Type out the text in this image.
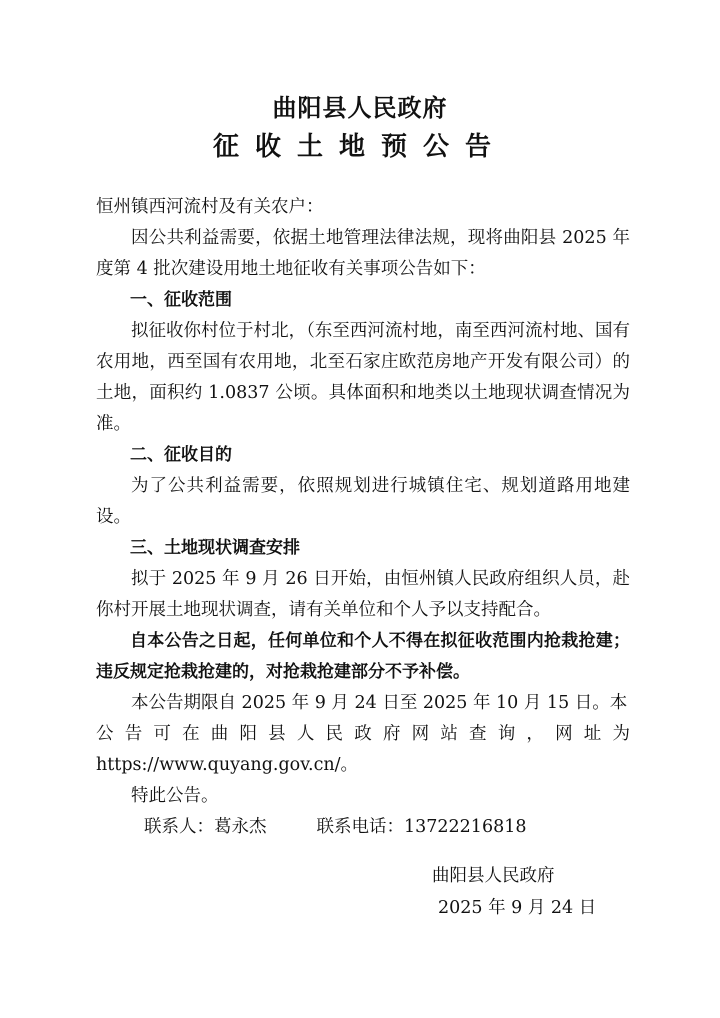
曲阳县人民政府
征收土地预公告

恒州镇西河流村及有关农户：

因公共利益需要，依据土地管理法律法规，现将曲阳县 2025 年度第 4 批次建设用地土地征收有关事项公告如下：

一、征收范围

拟征收你村位于村北，（东至西河流村地，南至西河流村地、国有农用地，西至国有农用地，北至石家庄欧范房地产开发有限公司）的土地，面积约 1.0837 公顷。具体面积和地类以土地现状调查情况为准。

二、征收目的

为了公共利益需要，依照规划进行城镇住宅、规划道路用地建设。

三、土地现状调查安排

拟于 2025 年 9 月 26 日开始，由恒州镇人民政府组织人员，赴你村开展土地现状调查，请有关单位和个人予以支持配合。

自本公告之日起，任何单位和个人不得在拟征收范围内抢栽抢建；违反规定抢栽抢建的，对抢栽抢建部分不予补偿。

本公告期限自 2025 年 9 月 24 日至 2025 年 10 月 15 日。本

公告可在曲阳县人民政府网站查询，网址为

https://www.quyang.gov.cn/。

特此公告。

联系人：葛永杰	联系电话：13722216818

曲阳县人民政府
2025 年 9 月 24 日
